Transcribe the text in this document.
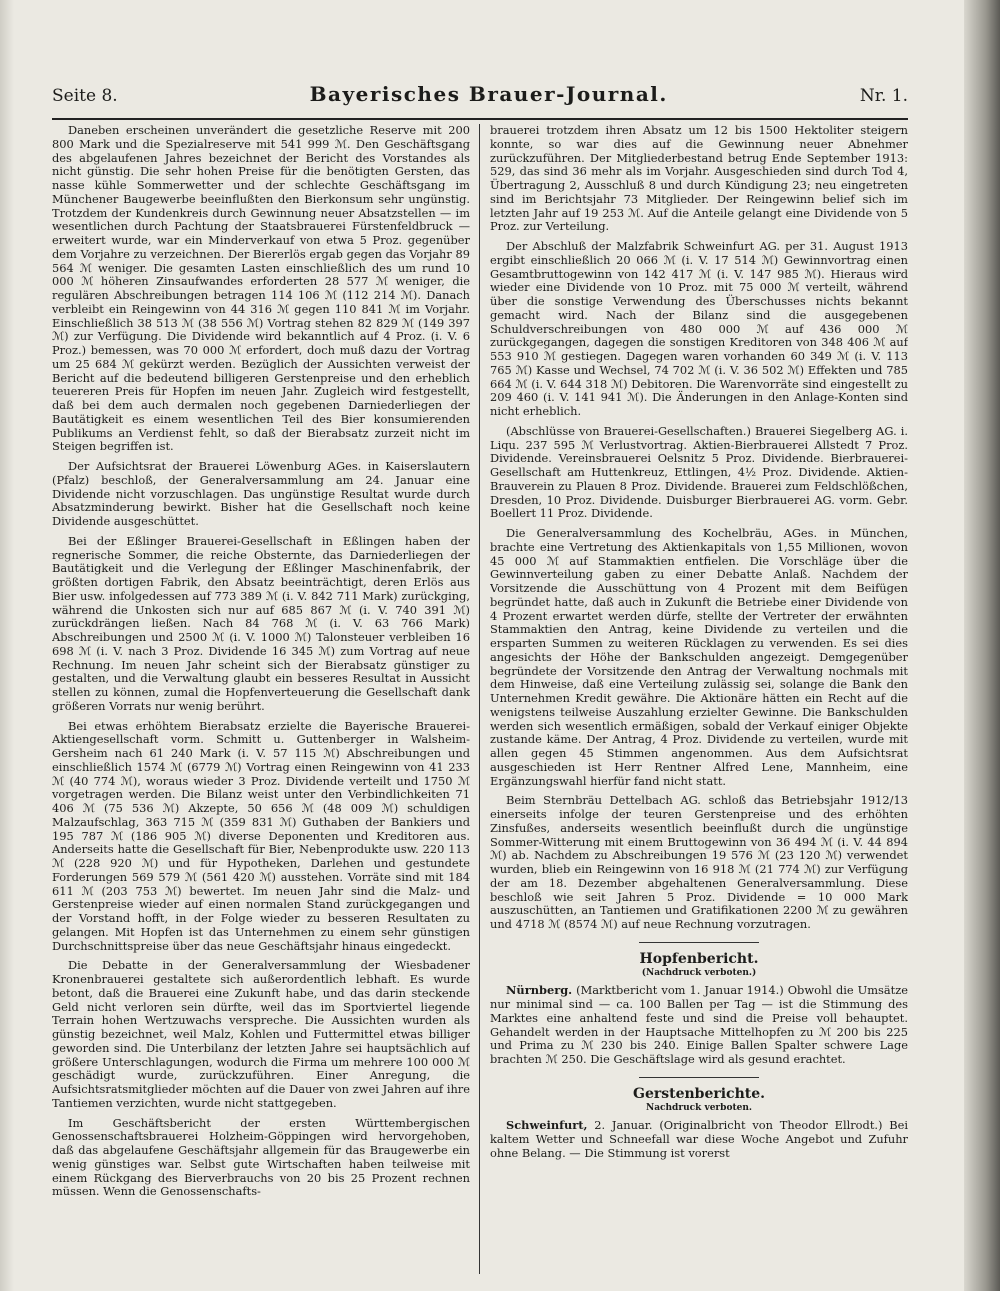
Seite 8.	Bayerisches Brauer-Journal.	Nr. 1.

Daneben erscheinen unverändert die gesetzliche Reserve mit 200 800 Mark und die Spezialreserve mit 541 999 ℳ. Den Geschäftsgang des abgelaufenen Jahres bezeichnet der Bericht des Vorstandes als nicht günstig. Die sehr hohen Preise für die benötigten Gersten, das nasse kühle Sommerwetter und der schlechte Geschäftsgang im Münchener Baugewerbe beeinflußten den Bierkonsum sehr ungünstig. Trotzdem der Kundenkreis durch Gewinnung neuer Absatzstellen — im wesentlichen durch Pachtung der Staatsbrauerei Fürstenfeldbruck — erweitert wurde, war ein Minderverkauf von etwa 5 Proz. gegenüber dem Vorjahre zu verzeichnen. Der Biererlös ergab gegen das Vorjahr 89 564 ℳ weniger. Die gesamten Lasten einschließlich des um rund 10 000 ℳ höheren Zinsaufwandes erforderten 28 577 ℳ weniger, die regulären Abschreibungen betragen 114 106 ℳ (112 214 ℳ). Danach verbleibt ein Reingewinn von 44 316 ℳ gegen 110 841 ℳ im Vorjahr. Einschließlich 38 513 ℳ (38 556 ℳ) Vortrag stehen 82 829 ℳ (149 397 ℳ) zur Verfügung. Die Dividende wird bekanntlich auf 4 Proz. (i. V. 6 Proz.) bemessen, was 70 000 ℳ erfordert, doch muß dazu der Vortrag um 25 684 ℳ gekürzt werden. Bezüglich der Aussichten verweist der Bericht auf die bedeutend billigeren Gerstenpreise und den erheblich teuereren Preis für Hopfen im neuen Jahr. Zugleich wird festgestellt, daß bei dem auch dermalen noch gegebenen Darniederliegen der Bautätigkeit es einem wesentlichen Teil des Bier konsumierenden Publikums an Verdienst fehlt, so daß der Bierabsatz zurzeit nicht im Steigen begriffen ist.

Der Aufsichtsrat der Brauerei Löwenburg AGes. in Kaiserslautern (Pfalz) beschloß, der Generalversammlung am 24. Januar eine Dividende nicht vorzuschlagen. Das ungünstige Resultat wurde durch Absatzminderung bewirkt. Bisher hat die Gesellschaft noch keine Dividende ausgeschüttet.

Bei der Eßlinger Brauerei-Gesellschaft in Eßlingen haben der regnerische Sommer, die reiche Obsternte, das Darniederliegen der Bautätigkeit und die Verlegung der Eßlinger Maschinenfabrik, der größten dortigen Fabrik, den Absatz beeinträchtigt, deren Erlös aus Bier usw. infolgedessen auf 773 389 ℳ (i. V. 842 711 Mark) zurückging, während die Unkosten sich nur auf 685 867 ℳ (i. V. 740 391 ℳ) zurückdrängen ließen. Nach 84 768 ℳ (i. V. 63 766 Mark) Abschreibungen und 2500 ℳ (i. V. 1000 ℳ) Talonsteuer verbleiben 16 698 ℳ (i. V. nach 3 Proz. Dividende 16 345 ℳ) zum Vortrag auf neue Rechnung. Im neuen Jahr scheint sich der Bierabsatz günstiger zu gestalten, und die Verwaltung glaubt ein besseres Resultat in Aussicht stellen zu können, zumal die Hopfenverteuerung die Gesellschaft dank größeren Vorrats nur wenig berührt.

Bei etwas erhöhtem Bierabsatz erzielte die Bayerische Brauerei-Aktiengesellschaft vorm. Schmitt u. Guttenberger in Walsheim-Gersheim nach 61 240 Mark (i. V. 57 115 ℳ) Abschreibungen und einschließlich 1574 ℳ (6779 ℳ) Vortrag einen Reingewinn von 41 233 ℳ (40 774 ℳ), woraus wieder 3 Proz. Dividende verteilt und 1750 ℳ vorgetragen werden. Die Bilanz weist unter den Verbindlichkeiten 71 406 ℳ (75 536 ℳ) Akzepte, 50 656 ℳ (48 009 ℳ) schuldigen Malzaufschlag, 363 715 ℳ (359 831 ℳ) Guthaben der Bankiers und 195 787 ℳ (186 905 ℳ) diverse Deponenten und Kreditoren aus. Anderseits hatte die Gesellschaft für Bier, Nebenprodukte usw. 220 113 ℳ (228 920 ℳ) und für Hypotheken, Darlehen und gestundete Forderungen 569 579 ℳ (561 420 ℳ) ausstehen. Vorräte sind mit 184 611 ℳ (203 753 ℳ) bewertet. Im neuen Jahr sind die Malz- und Gerstenpreise wieder auf einen normalen Stand zurückgegangen und der Vorstand hofft, in der Folge wieder zu besseren Resultaten zu gelangen. Mit Hopfen ist das Unternehmen zu einem sehr günstigen Durchschnittspreise über das neue Geschäftsjahr hinaus eingedeckt.

Die Debatte in der Generalversammlung der Wiesbadener Kronenbrauerei gestaltete sich außerordentlich lebhaft. Es wurde betont, daß die Brauerei eine Zukunft habe, und das darin steckende Geld nicht verloren sein dürfte, weil das im Sportviertel liegende Terrain hohen Wertzuwachs verspreche. Die Aussichten wurden als günstig bezeichnet, weil Malz, Kohlen und Futtermittel etwas billiger geworden sind. Die Unterbilanz der letzten Jahre sei hauptsächlich auf größere Unterschlagungen, wodurch die Firma um mehrere 100 000 ℳ geschädigt wurde, zurückzuführen. Einer Anregung, die Aufsichtsratsmitglieder möchten auf die Dauer von zwei Jahren auf ihre Tantiemen verzichten, wurde nicht stattgegeben.

Im Geschäftsbericht der ersten Württembergischen Genossenschaftsbrauerei Holzheim-Göppingen wird hervorgehoben, daß das abgelaufene Geschäftsjahr allgemein für das Braugewerbe ein wenig günstiges war. Selbst gute Wirtschaften haben teilweise mit einem Rückgang des Bierverbrauchs von 20 bis 25 Prozent rechnen müssen. Wenn die Genossenschafts-

brauerei trotzdem ihren Absatz um 12 bis 1500 Hektoliter steigern konnte, so war dies auf die Gewinnung neuer Abnehmer zurückzuführen. Der Mitgliederbestand betrug Ende September 1913: 529, das sind 36 mehr als im Vorjahr. Ausgeschieden sind durch Tod 4, Übertragung 2, Ausschluß 8 und durch Kündigung 23; neu eingetreten sind im Berichtsjahr 73 Mitglieder. Der Reingewinn belief sich im letzten Jahr auf 19 253 ℳ. Auf die Anteile gelangt eine Dividende von 5 Proz. zur Verteilung.

Der Abschluß der Malzfabrik Schweinfurt AG. per 31. August 1913 ergibt einschließlich 20 066 ℳ (i. V. 17 514 ℳ) Gewinnvortrag einen Gesamtbruttogewinn von 142 417 ℳ (i. V. 147 985 ℳ). Hieraus wird wieder eine Dividende von 10 Proz. mit 75 000 ℳ verteilt, während über die sonstige Verwendung des Überschusses nichts bekannt gemacht wird. Nach der Bilanz sind die ausgegebenen Schuldverschreibungen von 480 000 ℳ auf 436 000 ℳ zurückgegangen, dagegen die sonstigen Kreditoren von 348 406 ℳ auf 553 910 ℳ gestiegen. Dagegen waren vorhanden 60 349 ℳ (i. V. 113 765 ℳ) Kasse und Wechsel, 74 702 ℳ (i. V. 36 502 ℳ) Effekten und 785 664 ℳ (i. V. 644 318 ℳ) Debitoren. Die Warenvorräte sind eingestellt zu 209 460 (i. V. 141 941 ℳ). Die Änderungen in den Anlage-Konten sind nicht erheblich.

(Abschlüsse von Brauerei-Gesellschaften.) Brauerei Siegelberg AG. i. Liqu. 237 595 ℳ Verlustvortrag. Aktien-Bierbrauerei Allstedt 7 Proz. Dividende. Vereinsbrauerei Oelsnitz 5 Proz. Dividende. Bierbrauerei-Gesellschaft am Huttenkreuz, Ettlingen, 4½ Proz. Dividende. Aktien-Brauverein zu Plauen 8 Proz. Dividende. Brauerei zum Feldschlößchen, Dresden, 10 Proz. Dividende. Duisburger Bierbrauerei AG. vorm. Gebr. Boellert 11 Proz. Dividende.

Die Generalversammlung des Kochelbräu, AGes. in München, brachte eine Vertretung des Aktienkapitals von 1,55 Millionen, wovon 45 000 ℳ auf Stammaktien entfielen. Die Vorschläge über die Gewinnverteilung gaben zu einer Debatte Anlaß. Nachdem der Vorsitzende die Ausschüttung von 4 Prozent mit dem Beifügen begründet hatte, daß auch in Zukunft die Betriebe einer Dividende von 4 Prozent erwartet werden dürfe, stellte der Vertreter der erwähnten Stammaktien den Antrag, keine Dividende zu verteilen und die ersparten Summen zu weiteren Rücklagen zu verwenden. Es sei dies angesichts der Höhe der Bankschulden angezeigt. Demgegenüber begründete der Vorsitzende den Antrag der Verwaltung nochmals mit dem Hinweise, daß eine Verteilung zulässig sei, solange die Bank den Unternehmen Kredit gewähre. Die Aktionäre hätten ein Recht auf die wenigstens teilweise Auszahlung erzielter Gewinne. Die Bankschulden werden sich wesentlich ermäßigen, sobald der Verkauf einiger Objekte zustande käme. Der Antrag, 4 Proz. Dividende zu verteilen, wurde mit allen gegen 45 Stimmen angenommen. Aus dem Aufsichtsrat ausgeschieden ist Herr Rentner Alfred Lene, Mannheim, eine Ergänzungswahl hierfür fand nicht statt.

Beim Sternbräu Dettelbach AG. schloß das Betriebsjahr 1912/13 einerseits infolge der teuren Gerstenpreise und des erhöhten Zinsfußes, anderseits wesentlich beeinflußt durch die ungünstige Sommer-Witterung mit einem Bruttogewinn von 36 494 ℳ (i. V. 44 894 ℳ) ab. Nachdem zu Abschreibungen 19 576 ℳ (23 120 ℳ) verwendet wurden, blieb ein Reingewinn von 16 918 ℳ (21 774 ℳ) zur Verfügung der am 18. Dezember abgehaltenen Generalversammlung. Diese beschloß wie seit Jahren 5 Proz. Dividende = 10 000 Mark auszuschütten, an Tantiemen und Gratifikationen 2200 ℳ zu gewähren und 4718 ℳ (8574 ℳ) auf neue Rechnung vorzutragen.

Hopfenbericht.

(Nachdruck verboten.)

Nürnberg. (Marktbericht vom 1. Januar 1914.) Obwohl die Umsätze nur minimal sind — ca. 100 Ballen per Tag — ist die Stimmung des Marktes eine anhaltend feste und sind die Preise voll behauptet. Gehandelt werden in der Hauptsache Mittelhopfen zu ℳ 200 bis 225 und Prima zu ℳ 230 bis 240. Einige Ballen Spalter schwere Lage brachten ℳ 250. Die Geschäftslage wird als gesund erachtet.

Gerstenberichte.

Nachdruck verboten.

Schweinfurt, 2. Januar. (Originalbricht von Theodor Ellrodt.) Bei kaltem Wetter und Schneefall war diese Woche Angebot und Zufuhr ohne Belang. — Die Stimmung ist vorerst
